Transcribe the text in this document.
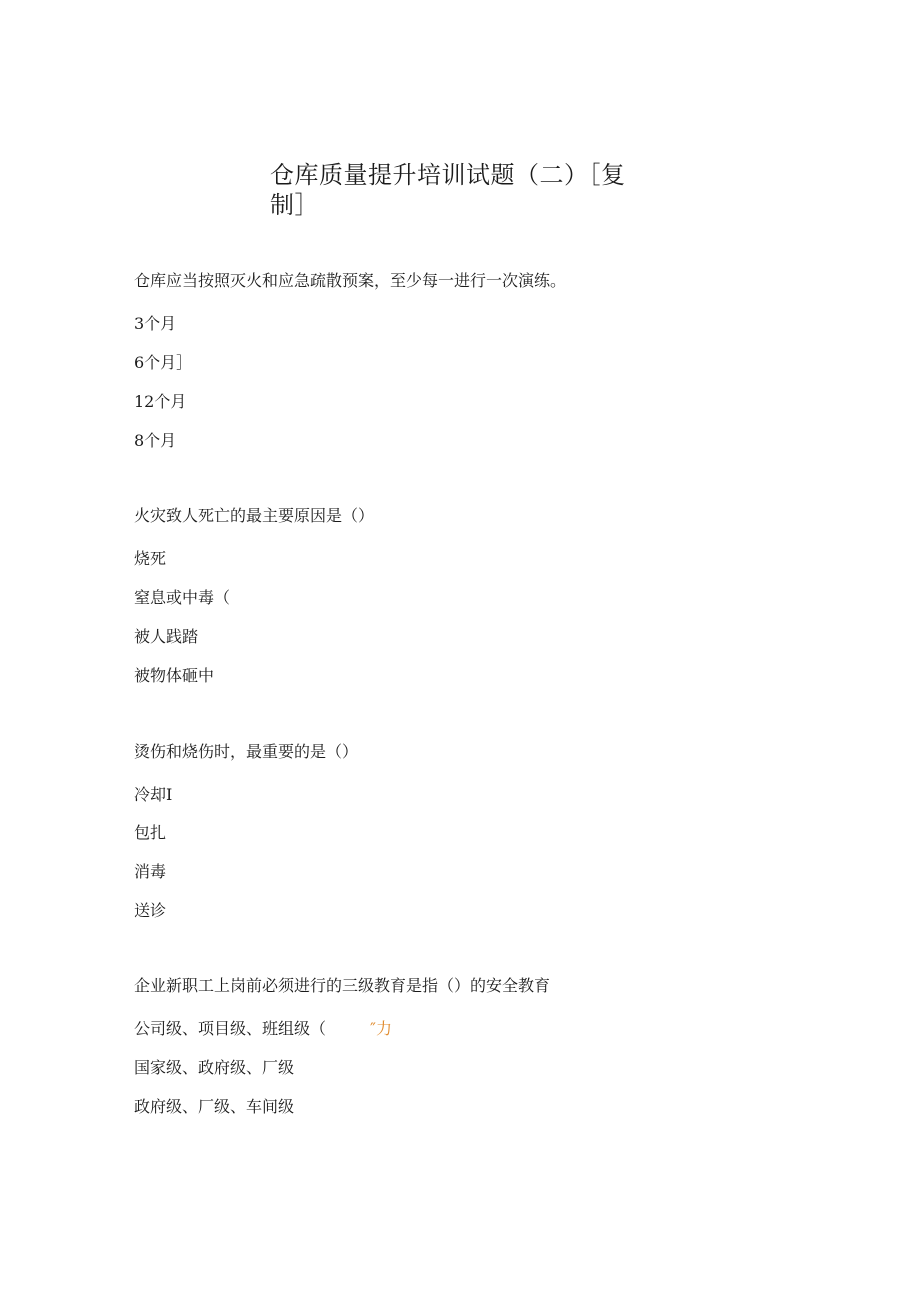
仓库质量提升培训试题（二）［复
制］
仓库应当按照灭火和应急疏散预案，至少每一进行一次演练。
3个月
6个月］
12个月
8个月
火灾致人死亡的最主要原因是（）
烧死
窒息或中毒（
被人践踏
被物体砸中
烫伤和烧伤时，最重要的是（）
冷却I
包扎
消毒
送诊
企业新职工上岗前必须进行的三级教育是指（）的安全教育
公司级、项目级、班组级（	″力
国家级、政府级、厂级
政府级、厂级、车间级
